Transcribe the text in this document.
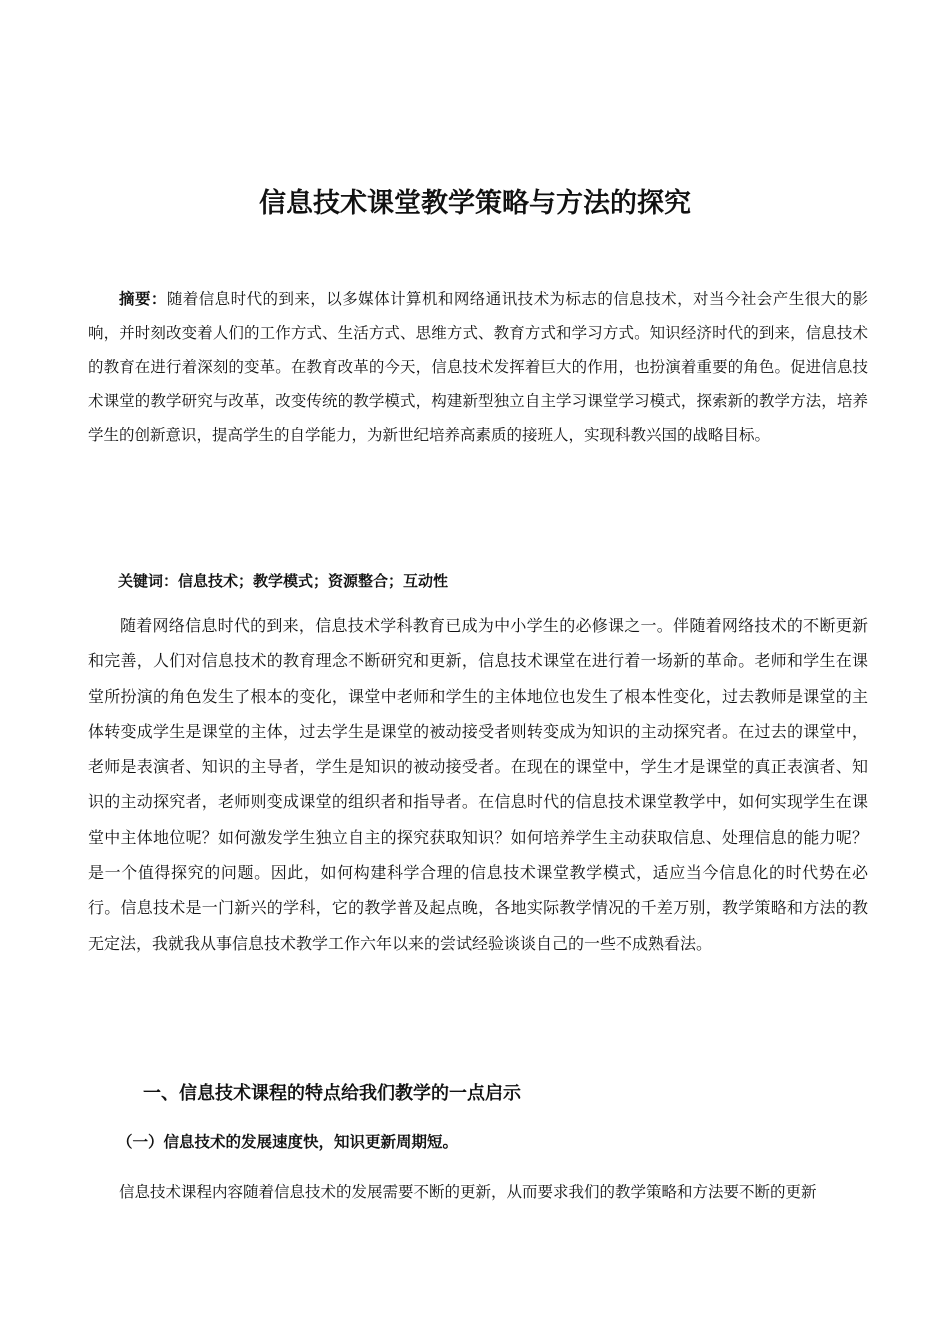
信息技术课堂教学策略与方法的探究

摘要：随着信息时代的到来，以多媒体计算机和网络通讯技术为标志的信息技术，对当今社会产生很大的影响，并时刻改变着人们的工作方式、生活方式、思维方式、教育方式和学习方式。知识经济时代的到来，信息技术的教育在进行着深刻的变革。在教育改革的今天，信息技术发挥着巨大的作用，也扮演着重要的角色。促进信息技术课堂的教学研究与改革，改变传统的教学模式，构建新型独立自主学习课堂学习模式，探索新的教学方法，培养学生的创新意识，提高学生的自学能力，为新世纪培养高素质的接班人，实现科教兴国的战略目标。

关键词：信息技术；教学模式；资源整合；互动性

随着网络信息时代的到来，信息技术学科教育已成为中小学生的必修课之一。伴随着网络技术的不断更新和完善，人们对信息技术的教育理念不断研究和更新，信息技术课堂在进行着一场新的革命。老师和学生在课堂所扮演的角色发生了根本的变化，课堂中老师和学生的主体地位也发生了根本性变化，过去教师是课堂的主体转变成学生是课堂的主体，过去学生是课堂的被动接受者则转变成为知识的主动探究者。在过去的课堂中，老师是表演者、知识的主导者，学生是知识的被动接受者。在现在的课堂中，学生才是课堂的真正表演者、知识的主动探究者，老师则变成课堂的组织者和指导者。在信息时代的信息技术课堂教学中，如何实现学生在课堂中主体地位呢？如何激发学生独立自主的探究获取知识？如何培养学生主动获取信息、处理信息的能力呢？是一个值得探究的问题。因此，如何构建科学合理的信息技术课堂教学模式，适应当今信息化的时代势在必行。信息技术是一门新兴的学科，它的教学普及起点晚，各地实际教学情况的千差万别，教学策略和方法的教无定法，我就我从事信息技术教学工作六年以来的尝试经验谈谈自己的一些不成熟看法。

一、信息技术课程的特点给我们教学的一点启示
（一）信息技术的发展速度快，知识更新周期短。

信息技术课程内容随着信息技术的发展需要不断的更新，从而要求我们的教学策略和方法要不断的更新
